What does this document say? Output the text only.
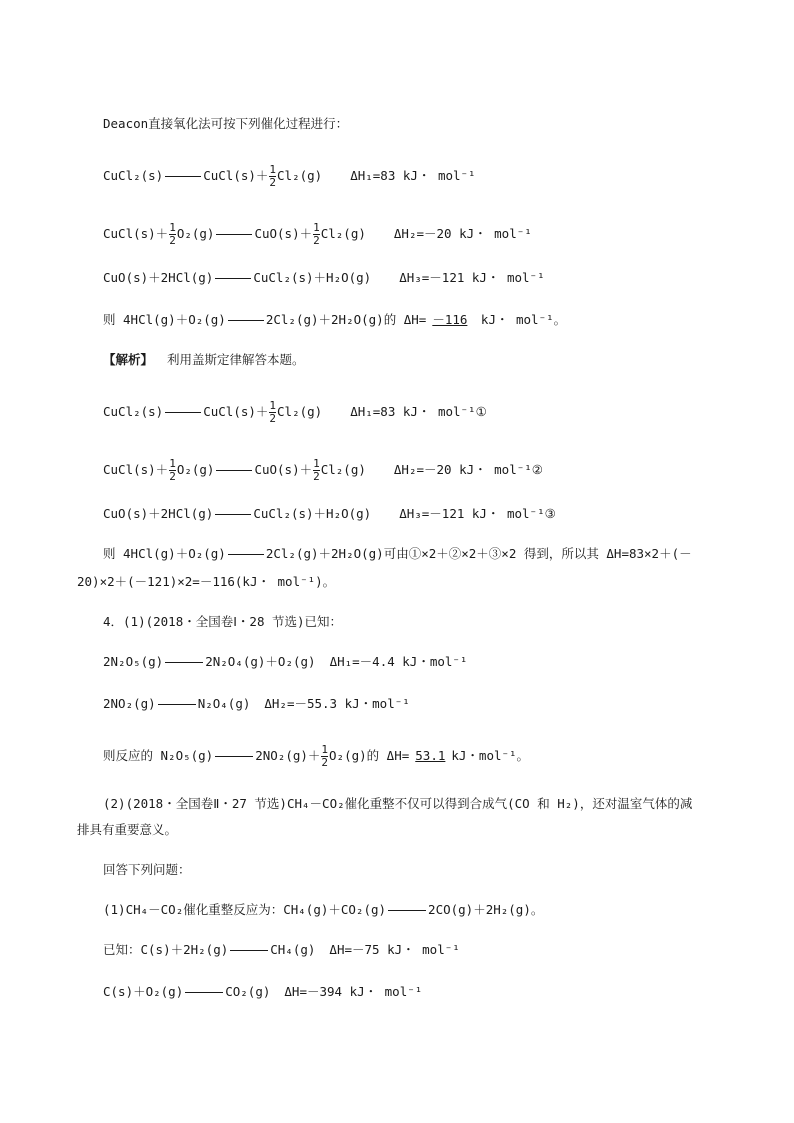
Deacon直接氧化法可按下列催化过程进行：
CuCl₂(s)	CuCl(s)＋ $\frac{1}{2} Cl_2(g)$ ΔH₁=83 kJ・ mol⁻¹
CuCl(s)＋ $\frac{1}{2} O_2(g)$	$CuO(s)+ \frac{1}{2} Cl_2(g)$ ΔH₂=－20 kJ・ mol⁻¹
CuO(s)＋2HCl(g)	CuCl₂(s)＋H₂O(g) ΔH₃=－121 kJ・ mol⁻¹
则 4HCl(g)＋O₂(g)	2Cl₂(g)＋2H₂O(g)的 ΔH= －116 kJ・ mol⁻¹。
【解析】 利用盖斯定律解答本题。
CuCl₂(s)	CuCl(s)＋ $\frac{1}{2} Cl_2(g)$ ΔH₁=83 kJ・ mol⁻¹①
CuCl(s)＋ $\frac{1}{2} O_2(g)$	$CuO(s)+ \frac{1}{2} Cl_2(g)$ ΔH₂=－20 kJ・ mol⁻¹②
CuO(s)＋2HCl(g)	CuCl₂(s)＋H₂O(g) ΔH₃=－121 kJ・ mol⁻¹③
则 4HCl(g)＋O₂(g)	2Cl₂(g)＋2H₂O(g)可由①×2＋②×2＋③×2 得到，所以其 ΔH=83×2＋(－
20)×2＋(－121)×2=－116(kJ・ mol⁻¹)。
4．(1)(2018・全国卷Ⅰ・28 节选)已知：
2N₂O₅(g)	2N₂O₄(g)＋O₂(g) ΔH₁=－4.4 kJ・mol⁻¹
2NO₂(g)	N₂O₄(g) ΔH₂=－55.3 kJ・mol⁻¹
则反应的 N₂O₅(g)	$2NO_2(g)+ \frac{1}{2} O_2(g)$的 ΔH= 53.1 kJ・mol⁻¹。
(2)(2018・全国卷Ⅱ・27 节选)CH₄－CO₂催化重整不仅可以得到合成气(CO 和 H₂)，还对温室气体的减
排具有重要意义。
回答下列问题：
(1)CH₄－CO₂催化重整反应为：CH₄(g)＋CO₂(g)	2CO(g)＋2H₂(g)。
已知：C(s)＋2H₂(g)	CH₄(g) ΔH=－75 kJ・ mol⁻¹
C(s)＋O₂(g)	CO₂(g) ΔH=－394 kJ・ mol⁻¹
